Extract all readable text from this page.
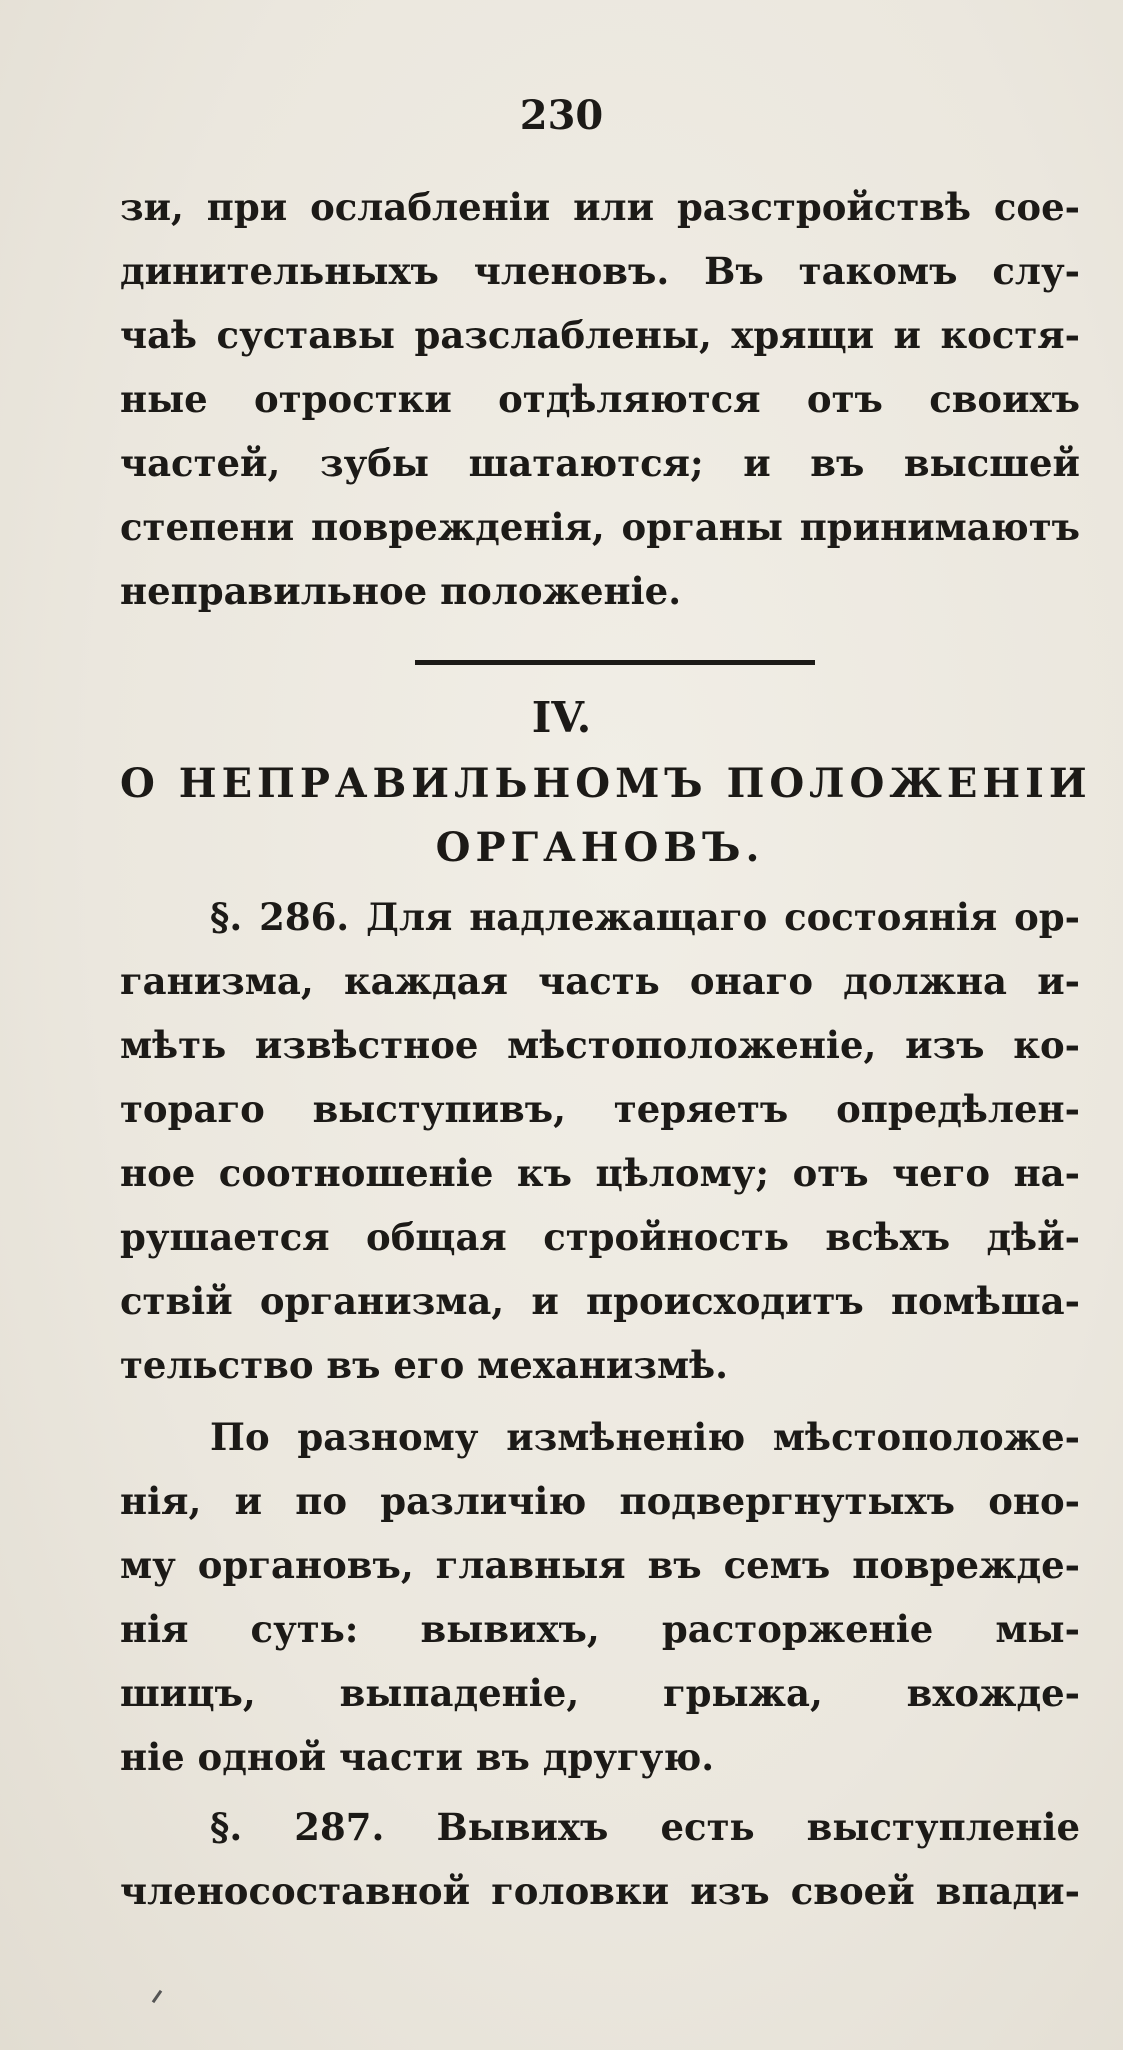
230
зи, при ослабленіи или разстройствѣ сое-
динительныхъ членовъ. Въ такомъ слу-
чаѣ суставы разслаблены, хрящи и костя-
ные отростки отдѣляются отъ своихъ
частей, зубы шатаются; и въ высшей
степени поврежденія, органы принимаютъ
неправильное положеніе.
IV.
О НЕПРАВИЛЬНОМЪ ПОЛОЖЕНІИ
ОРГАНОВЪ.
§. 286. Для надлежащаго состоянія ор-
ганизма, каждая часть онаго должна и-
мѣть извѣстное мѣстоположеніе, изъ ко-
тораго выступивъ, теряетъ опредѣлен-
ное соотношеніе къ цѣлому; отъ чего на-
рушается общая стройность всѣхъ дѣй-
ствій организма, и происходитъ помѣша-
тельство въ его механизмѣ.
По разному измѣненію мѣстоположе-
нія, и по различію подвергнутыхъ оно-
му органовъ, главныя въ семъ поврежде-
нія суть: вывихъ, расторженіе мы-
шицъ, выпаденіе, грыжа, вхожде-
ніе одной части въ другую.
§. 287. Вывихъ есть выступленіе
членосоставной головки изъ своей впади-
